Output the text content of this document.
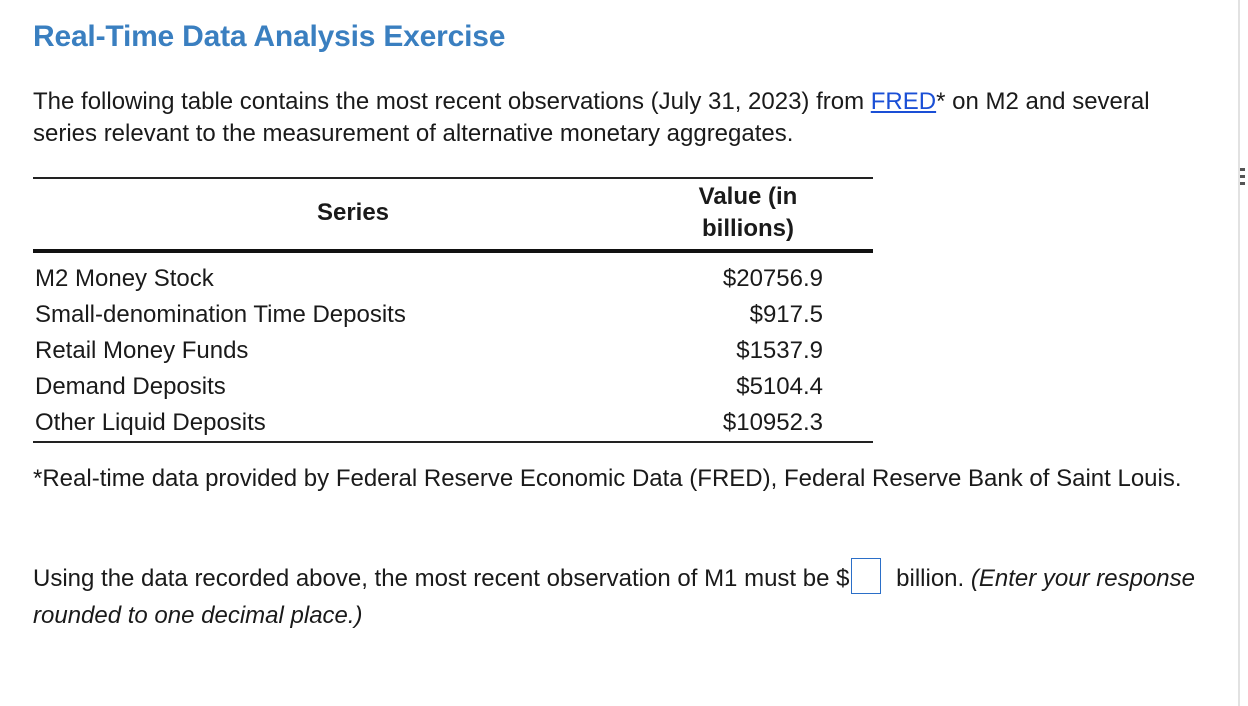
Real-Time Data Analysis Exercise

The following table contains the most recent observations (July 31, 2023) from FRED* on M2 and several series relevant to the measurement of alternative monetary aggregates.

Series	Value (in billions)	
M2 Money Stock	$20756.9	
Small-denomination Time Deposits	$917.5	
Retail Money Funds	$1537.9	
Demand Deposits	$5104.4	
Other Liquid Deposits	$10952.3	

*Real-time data provided by Federal Reserve Economic Data (FRED), Federal Reserve Bank of Saint Louis.

Using the data recorded above, the most recent observation of M1 must be $ billion. (Enter your response rounded to one decimal place.)
